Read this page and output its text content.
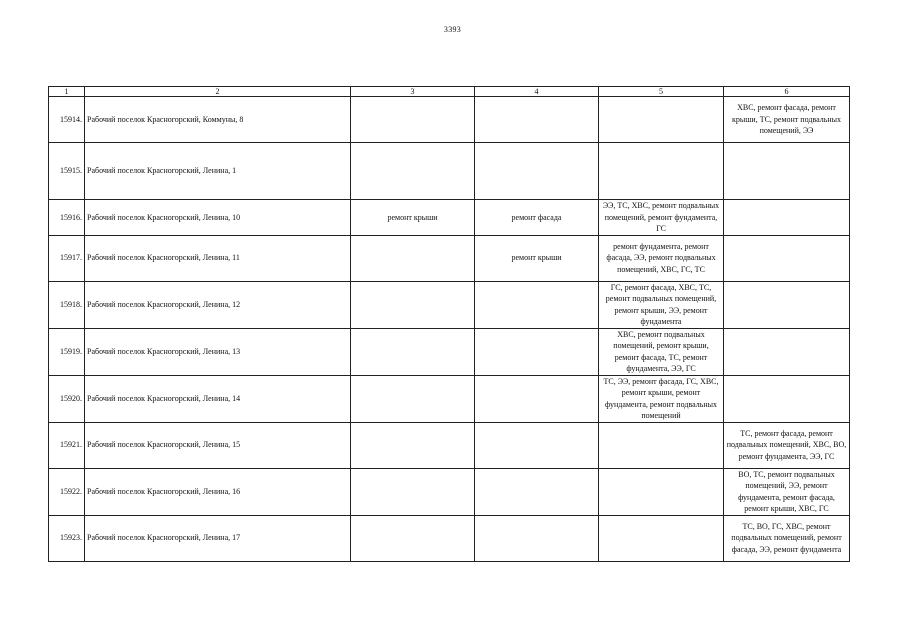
3393
1	2	3	4	5	6
15914.	Рабочий поселок Красногорский, Коммуны, 8				ХВС, ремонт фасада, ремонт крыши, ТС, ремонт подвальных помещений, ЭЭ
15915.	Рабочий поселок Красногорский, Ленина, 1				
15916.	Рабочий поселок Красногорский, Ленина, 10	ремонт крыши	ремонт фасада	ЭЭ, ТС, ХВС, ремонт подвальных помещений, ремонт фундамента, ГС	
15917.	Рабочий поселок Красногорский, Ленина, 11		ремонт крыши	ремонт фундамента, ремонт фасада, ЭЭ, ремонт подвальных помещений, ХВС, ГС, ТС	
15918.	Рабочий поселок Красногорский, Ленина, 12			ГС, ремонт фасада, ХВС, ТС, ремонт подвальных помещений, ремонт крыши, ЭЭ, ремонт фундамента	
15919.	Рабочий поселок Красногорский, Ленина, 13			ХВС, ремонт подвальных помещений, ремонт крыши, ремонт фасада, ТС, ремонт фундамента, ЭЭ, ГС	
15920.	Рабочий поселок Красногорский, Ленина, 14			ТС, ЭЭ, ремонт фасада, ГС, ХВС, ремонт крыши, ремонт фундамента, ремонт подвальных помещений	
15921.	Рабочий поселок Красногорский, Ленина, 15				ТС, ремонт фасада, ремонт подвальных помещений, ХВС, ВО, ремонт фундамента, ЭЭ, ГС
15922.	Рабочий поселок Красногорский, Ленина, 16				ВО, ТС, ремонт подвальных помещений, ЭЭ, ремонт фундамента, ремонт фасада, ремонт крыши, ХВС, ГС
15923.	Рабочий поселок Красногорский, Ленина, 17				ТС, ВО, ГС, ХВС, ремонт подвальных помещений, ремонт фасада, ЭЭ, ремонт фундамента
